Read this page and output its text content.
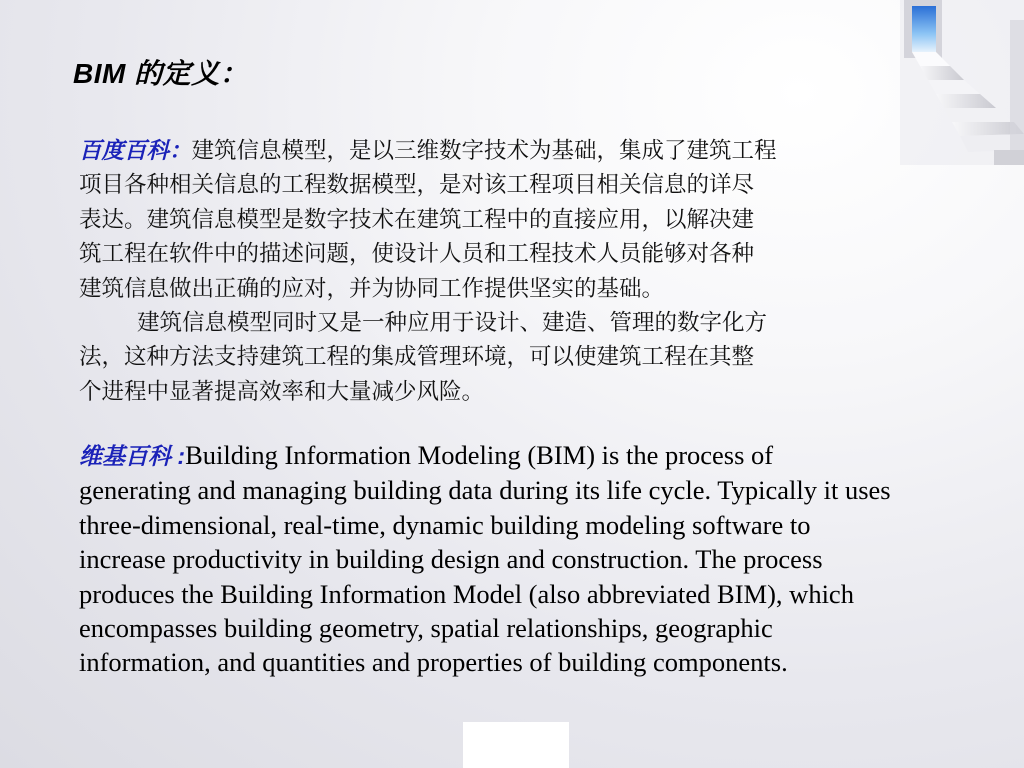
BIM 的定义：
百度百科：建筑信息模型，是以三维数字技术为基础，集成了建筑工程
项目各种相关信息的工程数据模型，是对该工程项目相关信息的详尽
表达。建筑信息模型是数字技术在建筑工程中的直接应用，以解决建
筑工程在软件中的描述问题，使设计人员和工程技术人员能够对各种
建筑信息做出正确的应对，并为协同工作提供坚实的基础。
建筑信息模型同时又是一种应用于设计、建造、管理的数字化方
法，这种方法支持建筑工程的集成管理环境，可以使建筑工程在其整
个进程中显著提高效率和大量减少风险。
维基百科 :Building Information Modeling (BIM) is the process of
generating and managing building data during its life cycle. Typically it uses
three-dimensional, real-time, dynamic building modeling software to
increase productivity in building design and construction. The process
produces the Building Information Model (also abbreviated BIM), which
encompasses building geometry, spatial relationships, geographic
information, and quantities and properties of building components.
